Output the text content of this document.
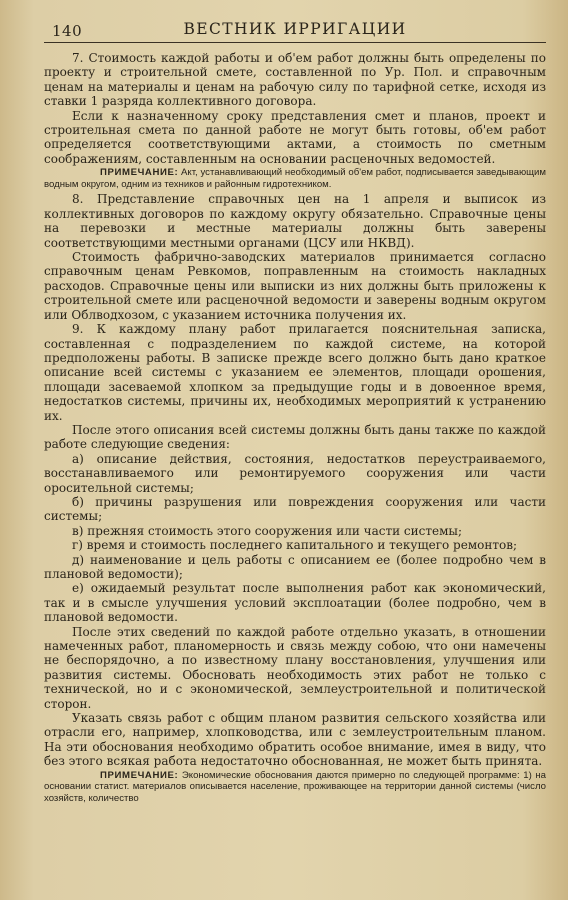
140	ВЕСТНИК ИРРИГАЦИИ

7. Стоимость каждой работы и об'ем работ должны быть определены по проекту и строительной смете, составленной по Ур. Пол. и справочным ценам на материалы и ценам на рабочую силу по тарифной сетке, исходя из ставки 1 разряда коллективного договора.

Если к назначенному сроку представления смет и планов, проект и строительная смета по данной работе не могут быть готовы, об'ем работ определяется соответствующими актами, а стоимость по сметным соображениям, составленным на основании расценочных ведомостей.

ПРИМЕЧАНИЕ: Акт, устанавливающий необходимый об'ем работ, подписывается заведывающим водным округом, одним из техников и районным гидротехником.

8. Представление справочных цен на 1 апреля и выписок из коллективных договоров по каждому округу обязательно. Справочные цены на перевозки и местные материалы должны быть заверены соответствующими местными органами (ЦСУ или НКВД).

Стоимость фабрично-заводских материалов принимается согласно справочным ценам Ревкомов, поправленным на стоимость накладных расходов. Справочные цены или выписки из них должны быть приложены к строительной смете или расценочной ведомости и заверены водным округом или Облводхозом, с указанием источника получения их.

9. К каждому плану работ прилагается пояснительная записка, составленная с подразделением по каждой системе, на которой предположены работы. В записке прежде всего должно быть дано краткое описание всей системы с указанием ее элементов, площади орошения, площади засеваемой хлопком за предыдущие годы и в довоенное время, недостатков системы, причины их, необходимых мероприятий к устранению их.

После этого описания всей системы должны быть даны также по каждой работе следующие сведения:

а) описание действия, состояния, недостатков переустраиваемого, восстанавливаемого или ремонтируемого сооружения или части оросительной системы;

б) причины разрушения или повреждения сооружения или части системы;

в) прежняя стоимость этого сооружения или части системы;

г) время и стоимость последнего капитального и текущего ремонтов;

д) наименование и цель работы с описанием ее (более подробно чем в плановой ведомости);

е) ожидаемый результат после выполнения работ как экономический, так и в смысле улучшения условий эксплоатации (более подробно, чем в плановой ведомости.

После этих сведений по каждой работе отдельно указать, в отношении намеченных работ, планомерность и связь между собою, что они намечены не беспорядочно, а по известному плану восстановления, улучшения или развития системы. Обосновать необходимость этих работ не только с технической, но и с экономической, землеустроительной и политической сторон.

Указать связь работ с общим планом развития сельского хозяйства или отрасли его, например, хлопководства, или с землеустроительным планом. На эти обоснования необходимо обратить особое внимание, имея в виду, что без этого всякая работа недостаточно обоснованная, не может быть принята.

ПРИМЕЧАНИЕ: Экономические обоснования даются примерно по следующей программе: 1) на основании статист. материалов описывается население, проживающее на территории данной системы (число хозяйств, количество
